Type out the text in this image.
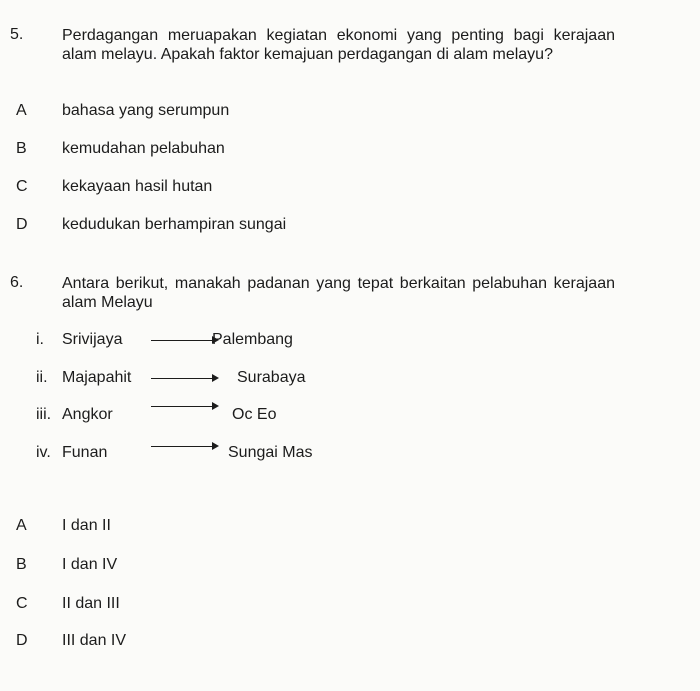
5. Perdagangan meruapakan kegiatan ekonomi yang penting bagi kerajaan alam melayu. Apakah faktor kemajuan perdagangan di alam melayu?
A bahasa yang serumpun
B kemudahan pelabuhan
C kekayaan hasil hutan
D kedudukan berhampiran sungai
6. Antara berikut, manakah padanan yang tepat berkaitan pelabuhan kerajaan alam Melayu
i. Srivijaya	Palembang
ii. Majapahit	Surabaya
iii. Angkor	Oc Eo
iv. Funan	Sungai Mas
A I dan II
B I dan IV
C II dan III
D III dan IV
